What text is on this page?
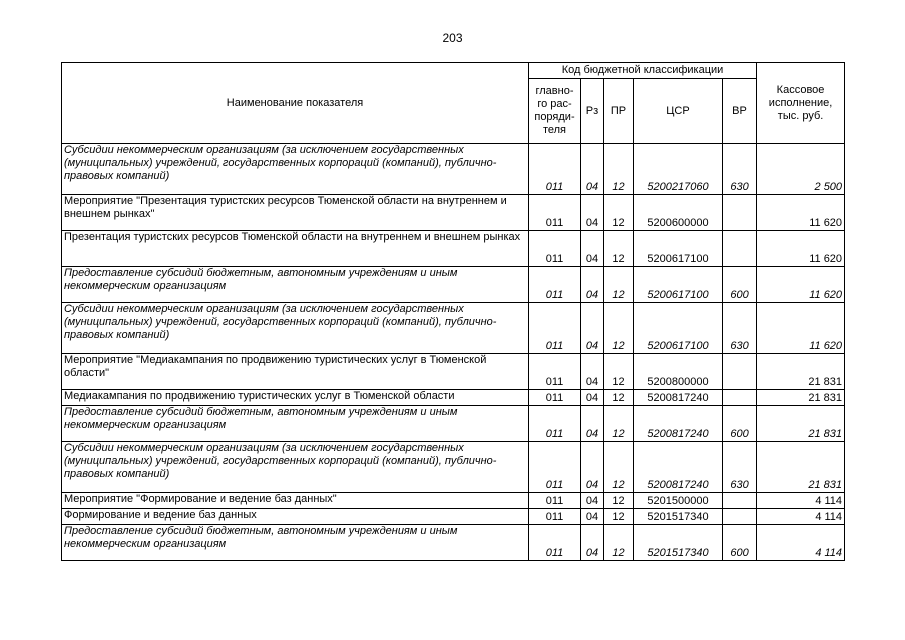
203
Наименование показателя	Код бюджетной классификации					Кассовое исполнение, тыс. руб.
	главно-го рас-поряди-теля	Рз	ПР	ЦСР	ВР	
Субсидии некоммерческим организациям (за исключением государственных (муниципальных) учреждений, государственных корпораций (компаний), публично-правовых компаний)	011	04	12	5200217060	630	2 500
Мероприятие "Презентация туристских ресурсов Тюменской области на внутреннем и внешнем рынках"	011	04	12	5200600000		11 620
Презентация туристских ресурсов Тюменской области на внутреннем и внешнем рынках	011	04	12	5200617100		11 620
Предоставление субсидий бюджетным, автономным учреждениям и иным некоммерческим организациям	011	04	12	5200617100	600	11 620
Субсидии некоммерческим организациям (за исключением государственных (муниципальных) учреждений, государственных корпораций (компаний), публично-правовых компаний)	011	04	12	5200617100	630	11 620
Мероприятие "Медиакампания по продвижению туристических услуг в Тюменской области"	011	04	12	5200800000		21 831
Медиакампания по продвижению туристических услуг в Тюменской области	011	04	12	5200817240		21 831
Предоставление субсидий бюджетным, автономным учреждениям и иным некоммерческим организациям	011	04	12	5200817240	600	21 831
Субсидии некоммерческим организациям (за исключением государственных (муниципальных) учреждений, государственных корпораций (компаний), публично-правовых компаний)	011	04	12	5200817240	630	21 831
Мероприятие "Формирование и ведение баз данных"	011	04	12	5201500000		4 114
Формирование и ведение баз данных	011	04	12	5201517340		4 114
Предоставление субсидий бюджетным, автономным учреждениям и иным некоммерческим организациям	011	04	12	5201517340	600	4 114
